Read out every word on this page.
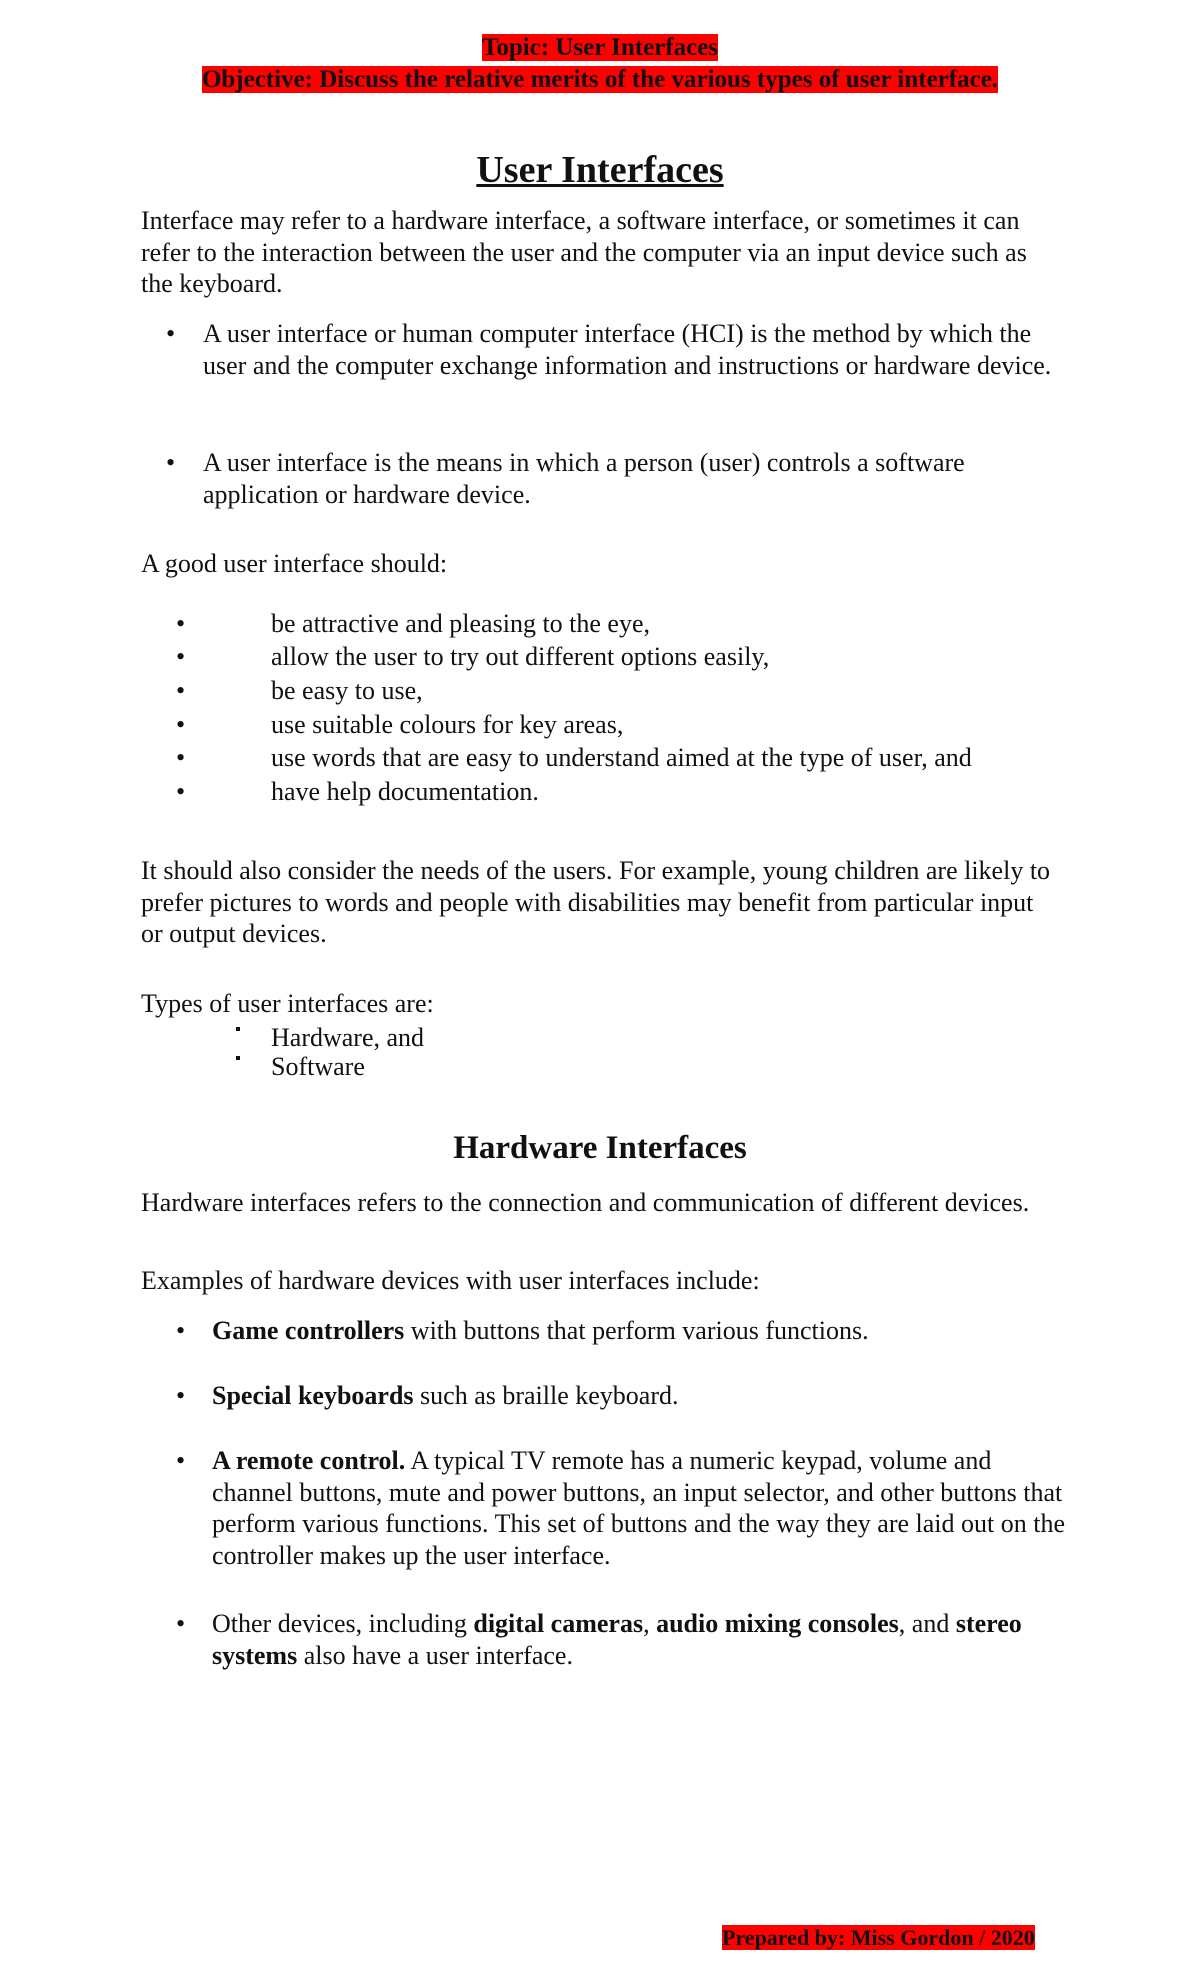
Topic: User Interfaces
Objective: Discuss the relative merits of the various types of user interface.
User Interfaces

Interface may refer to a hardware interface, a software interface, or sometimes it can refer to the interaction between the user and the computer via an input device such as the keyboard.

• A user interface or human computer interface (HCI) is the method by which the user and the computer exchange information and instructions or hardware device.

• A user interface is the means in which a person (user) controls a software application or hardware device.

A good user interface should:

•	be attractive and pleasing to the eye,

•	allow the user to try out different options easily,

•	be easy to use,

•	use suitable colours for key areas,

•	use words that are easy to understand aimed at the type of user, and

•	have help documentation.

It should also consider the needs of the users. For example, young children are likely to prefer pictures to words and people with disabilities may benefit from particular input or output devices.

Types of user interfaces are:

Hardware, and

Software

Hardware Interfaces

Hardware interfaces refers to the connection and communication of different devices.

Examples of hardware devices with user interfaces include:

• Game controllers with buttons that perform various functions.

• Special keyboards such as braille keyboard.

• A remote control. A typical TV remote has a numeric keypad, volume and channel buttons, mute and power buttons, an input selector, and other buttons that perform various functions. This set of buttons and the way they are laid out on the controller makes up the user interface.

• Other devices, including digital cameras, audio mixing consoles, and stereo systems also have a user interface.

Prepared by: Miss Gordon / 2020
